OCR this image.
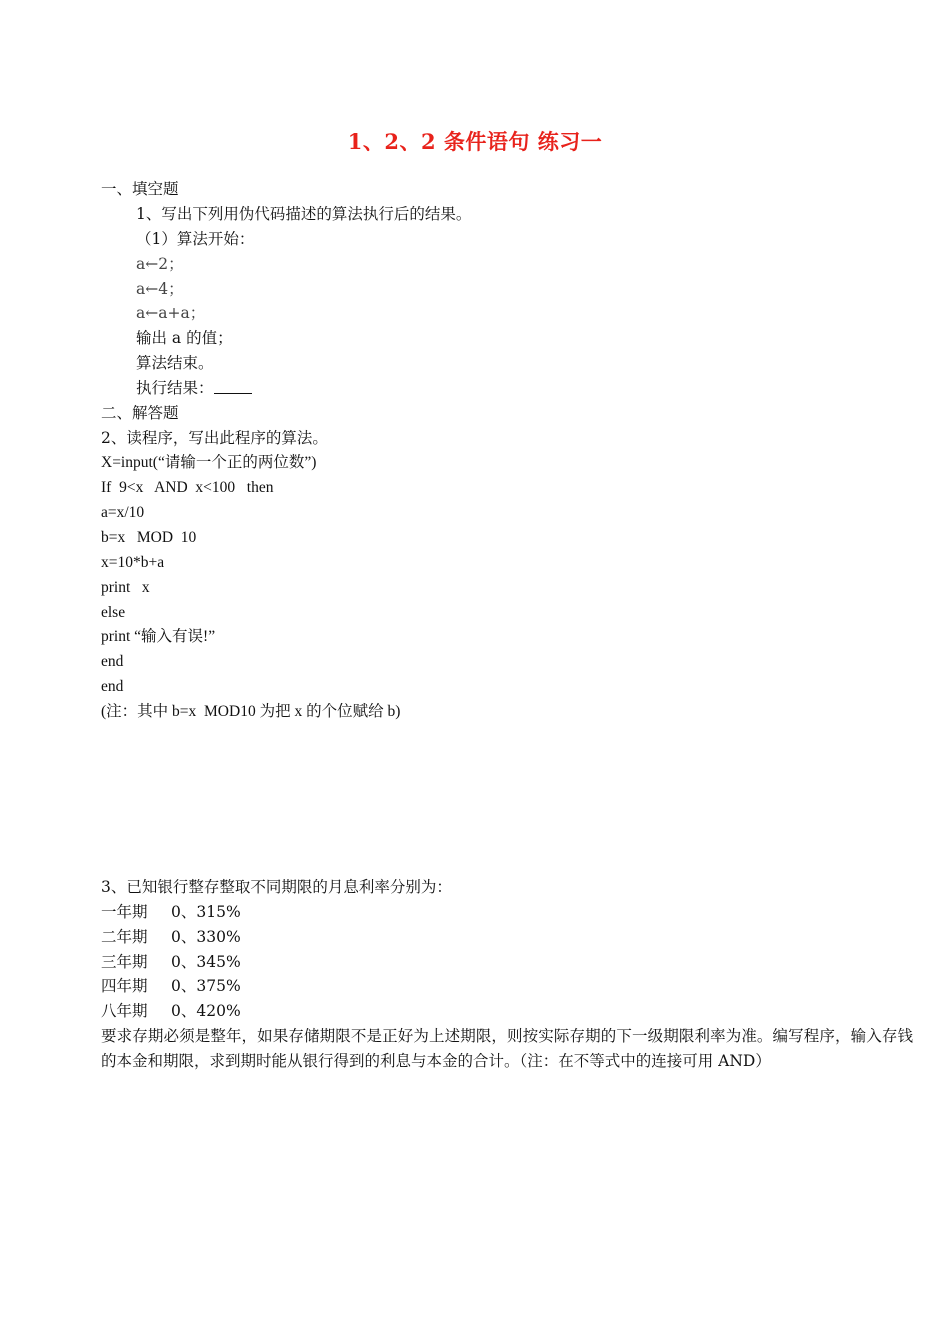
1、2、2 条件语句 练习一
一、填空题
1、写出下列用伪代码描述的算法执行后的结果。
（1）算法开始：
a←2；
a←4；
a←a+a；
输出 a 的值；
算法结束。
执行结果：
二、解答题
2、读程序，写出此程序的算法。
X=input(“请输一个正的两位数”)
If  9<x   AND  x<100   then
a=x/10
b=x   MOD  10
x=10*b+a
print   x
else
print “输入有误!”
end
end
(注：其中 b=x  MOD10 为把 x 的个位赋给 b)
3、已知银行整存整取不同期限的月息利率分别为：
一年期 0、315%
二年期 0、330%
三年期 0、345%
四年期 0、375%
八年期 0、420%
要求存期必须是整年，如果存储期限不是正好为上述期限，则按实际存期的下一级期限利率为准。编写程序，输入存钱的本金和期限，求到期时能从银行得到的利息与本金的合计。（注：在不等式中的连接可用 AND）
